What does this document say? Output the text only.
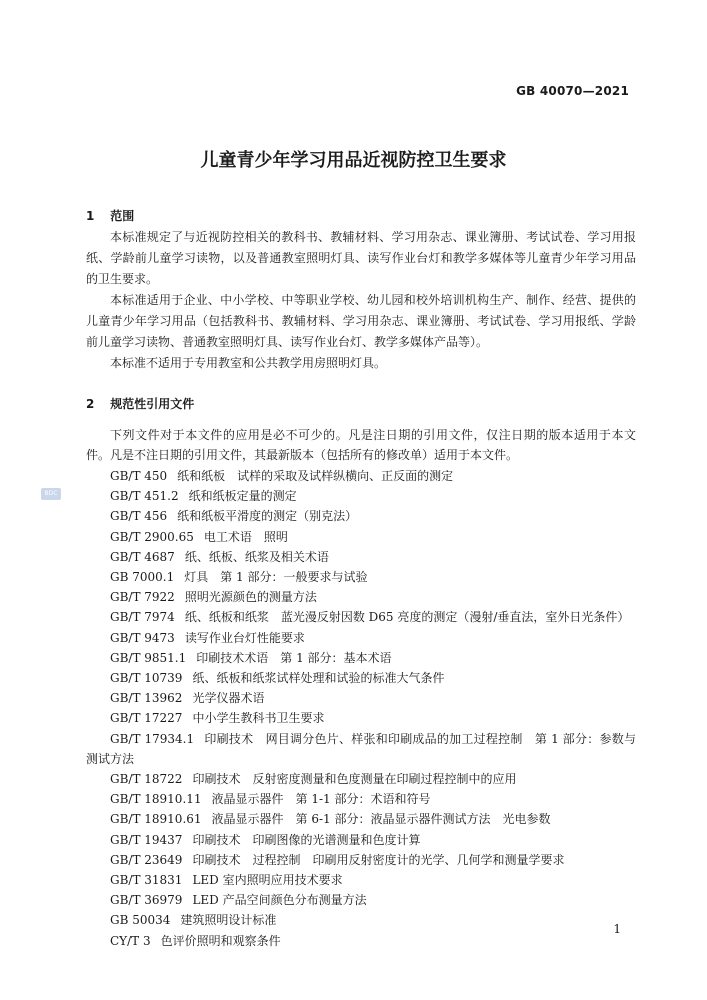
GB 40070—2021
儿童青少年学习用品近视防控卫生要求
1 范围

本标准规定了与近视防控相关的教科书、教辅材料、学习用杂志、课业簿册、考试试卷、学习用报纸、学龄前儿童学习读物，以及普通教室照明灯具、读写作业台灯和教学多媒体等儿童青少年学习用品的卫生要求。

本标准适用于企业、中小学校、中等职业学校、幼儿园和校外培训机构生产、制作、经营、提供的儿童青少年学习用品（包括教科书、教辅材料、学习用杂志、课业簿册、考试试卷、学习用报纸、学龄前儿童学习读物、普通教室照明灯具、读写作业台灯、教学多媒体产品等）。

本标准不适用于专用教室和公共教学用房照明灯具。

2 规范性引用文件

下列文件对于本文件的应用是必不可少的。凡是注日期的引用文件，仅注日期的版本适用于本文件。凡是不注日期的引用文件，其最新版本（包括所有的修改单）适用于本文件。

GB/T 450 纸和纸板　试样的采取及试样纵横向、正反面的测定
GB/T 451.2 纸和纸板定量的测定
GB/T 456 纸和纸板平滑度的测定（别克法）
GB/T 2900.65 电工术语　照明
GB/T 4687 纸、纸板、纸浆及相关术语
GB 7000.1 灯具　第 1 部分：一般要求与试验
GB/T 7922 照明光源颜色的测量方法
GB/T 7974 纸、纸板和纸浆　蓝光漫反射因数 D65 亮度的测定（漫射/垂直法，室外日光条件）
GB/T 9473 读写作业台灯性能要求
GB/T 9851.1 印刷技术术语　第 1 部分：基本术语
GB/T 10739 纸、纸板和纸浆试样处理和试验的标准大气条件
GB/T 13962 光学仪器术语
GB/T 17227 中小学生教科书卫生要求
GB/T 17934.1 印刷技术　网目调分色片、样张和印刷成品的加工过程控制　第 1 部分：参数与测试方法
GB/T 18722 印刷技术　反射密度测量和色度测量在印刷过程控制中的应用
GB/T 18910.11 液晶显示器件　第 1-1 部分：术语和符号
GB/T 18910.61 液晶显示器件　第 6-1 部分：液晶显示器件测试方法　光电参数
GB/T 19437 印刷技术　印刷图像的光谱测量和色度计算
GB/T 23649 印刷技术　过程控制　印刷用反射密度计的光学、几何学和测量学要求
GB/T 31831 LED 室内照明应用技术要求
GB/T 36979 LED 产品空间颜色分布测量方法
GB 50034 建筑照明设计标准
CY/T 3 色评价照明和观察条件
BDC
1
